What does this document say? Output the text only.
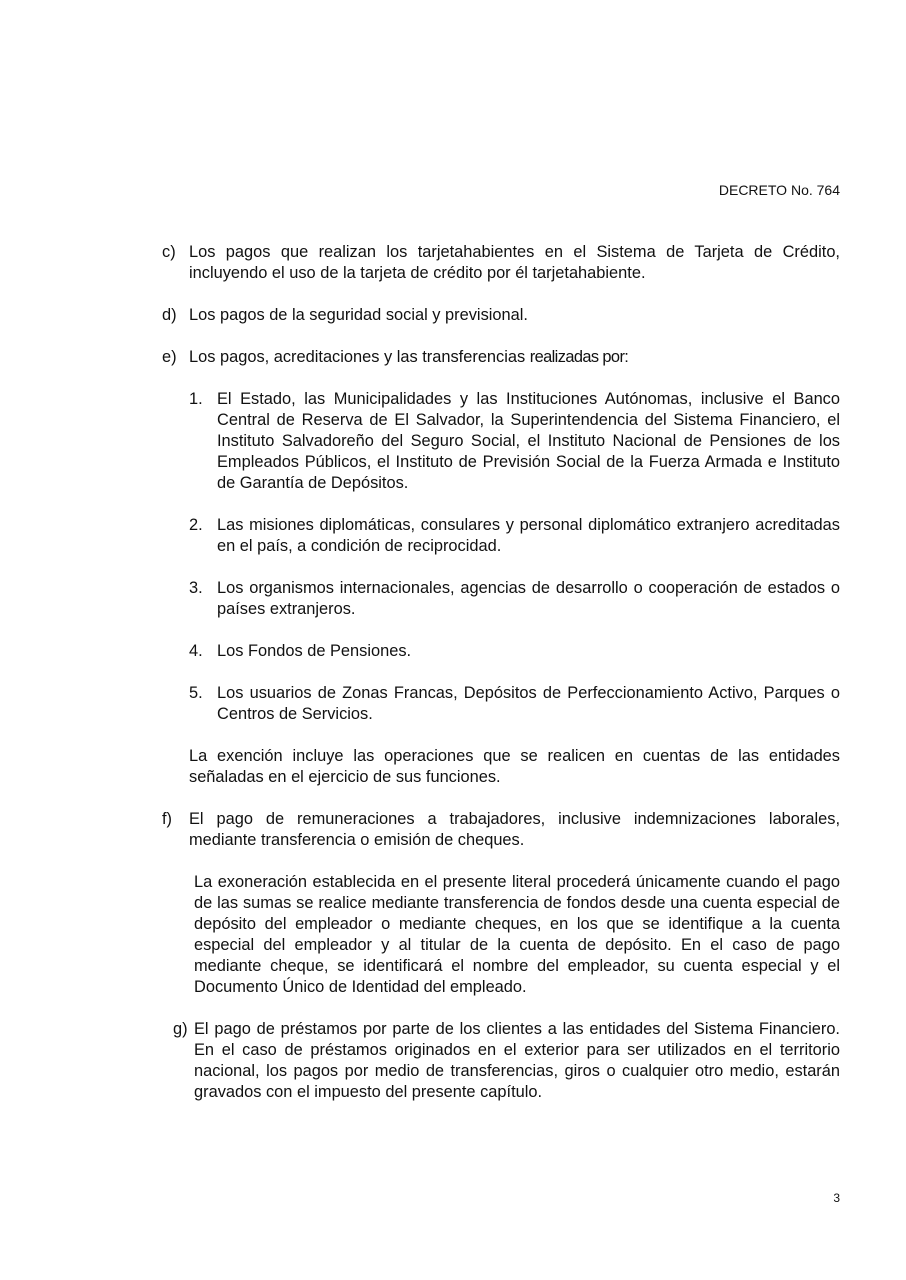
DECRETO No. 764
c) Los pagos que realizan los tarjetahabientes en el Sistema de Tarjeta de Crédito, incluyendo el uso de la tarjeta de crédito por él tarjetahabiente.
d) Los pagos de la seguridad social y previsional.
e) Los pagos, acreditaciones y las transferencias realizadas por:
1. El Estado, las Municipalidades y las Instituciones Autónomas, inclusive el Banco Central de Reserva de El Salvador, la Superintendencia del Sistema Financiero, el Instituto Salvadoreño del Seguro Social, el Instituto Nacional de Pensiones de los Empleados Públicos, el Instituto de Previsión Social de la Fuerza Armada e Instituto de Garantía de Depósitos.
2. Las misiones diplomáticas, consulares y personal diplomático extranjero acreditadas en el país, a condición de reciprocidad.
3. Los organismos internacionales, agencias de desarrollo o cooperación de estados o países extranjeros.
4. Los Fondos de Pensiones.
5. Los usuarios de Zonas Francas, Depósitos de Perfeccionamiento Activo, Parques o Centros de Servicios.
La exención incluye las operaciones que se realicen en cuentas de las entidades señaladas en el ejercicio de sus funciones.
f)	El pago de remuneraciones a trabajadores, inclusive indemnizaciones laborales, mediante transferencia o emisión de cheques.
La exoneración establecida en el presente literal procederá únicamente cuando el pago de las sumas se realice mediante transferencia de fondos desde una cuenta especial de depósito del empleador o mediante cheques, en los que se identifique a la cuenta especial del empleador y al titular de la cuenta de depósito. En el caso de pago mediante cheque, se identificará el nombre del empleador, su cuenta especial y el Documento Único de Identidad del empleado.
g) El pago de préstamos por parte de los clientes a las entidades del Sistema Financiero. En el caso de préstamos originados en el exterior para ser utilizados en el territorio nacional, los pagos por medio de transferencias, giros o cualquier otro medio, estarán gravados con el impuesto del presente capítulo.
3
